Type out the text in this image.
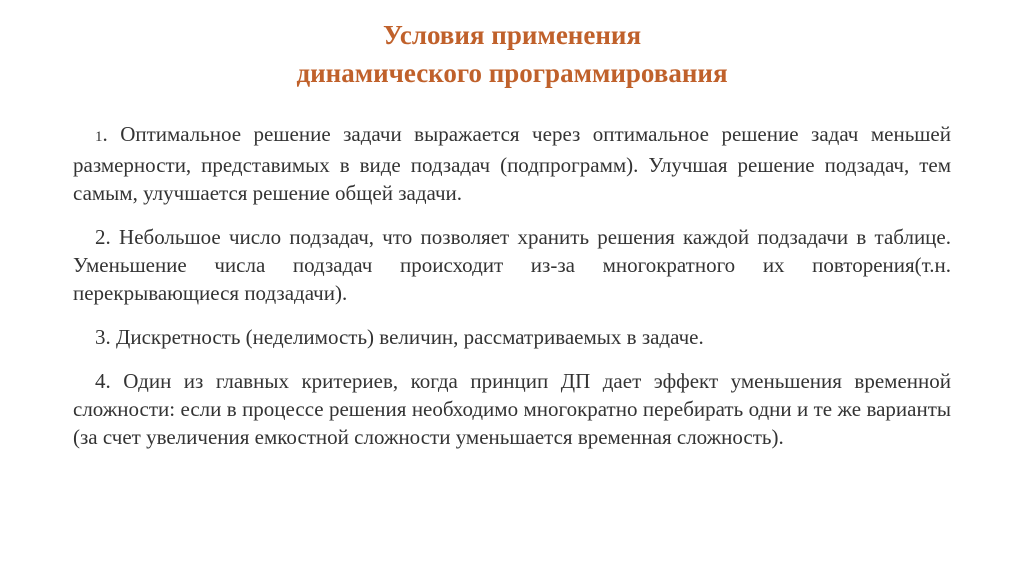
Условия применения
динамического программирования

1. Оптимальное решение задачи выражается через оптимальное решение задач меньшей размерности, представимых в виде подзадач (подпрограмм). Улучшая решение подзадач, тем самым, улучшается решение общей задачи.

2. Небольшое число подзадач, что позволяет хранить решения каждой подзадачи в таблице. Уменьшение числа подзадач происходит из-за многократного их повторения(т.н. перекрывающиеся подзадачи).

3. Дискретность (неделимость) величин, рассматриваемых в задаче.

4. Один из главных критериев, когда принцип ДП дает эффект уменьшения временной сложности: если в процессе решения необходимо многократно перебирать одни и те же варианты (за счет увеличения емкостной сложности уменьшается временная сложность).
